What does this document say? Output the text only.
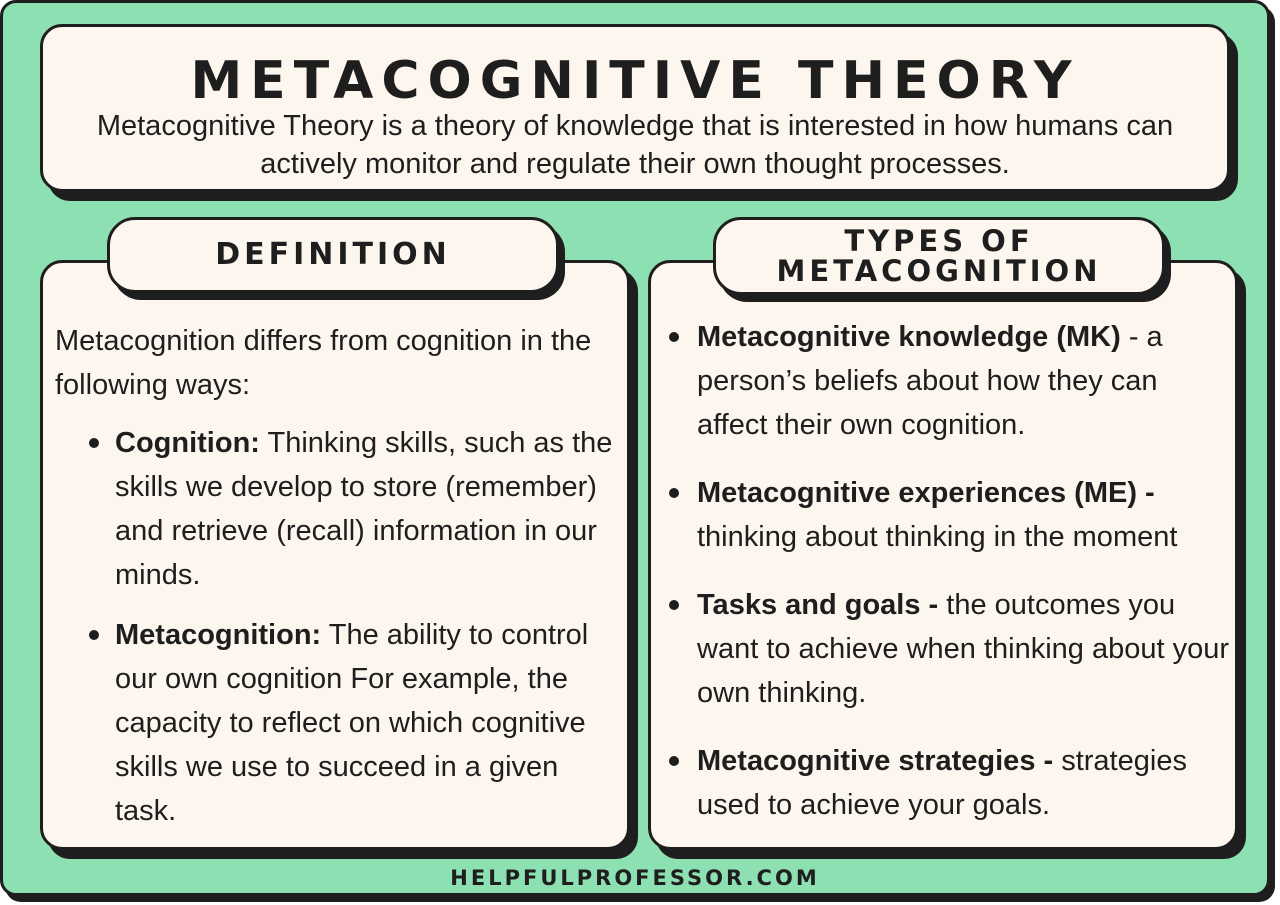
METACOGNITIVE THEORY
Metacognitive Theory is a theory of knowledge that is interested in how humans can actively monitor and regulate their own thought processes.

Metacognition differs from cognition in the following ways:

Cognition: Thinking skills, such as the skills we develop to store (remember) and retrieve (recall) information in our minds.
Metacognition: The ability to control our own cognition For example, the capacity to reflect on which cognitive skills we use to succeed in a given task.
DEFINITION
Metacognitive knowledge (MK) - a person’s beliefs about how they can affect their own cognition.
Metacognitive experiences (ME) - thinking about thinking in the moment
Tasks and goals - the outcomes you want to achieve when thinking about your own thinking.
Metacognitive strategies - strategies used to achieve your goals.
TYPES OF
METACOGNITION
HELPFULPROFESSOR.COM
